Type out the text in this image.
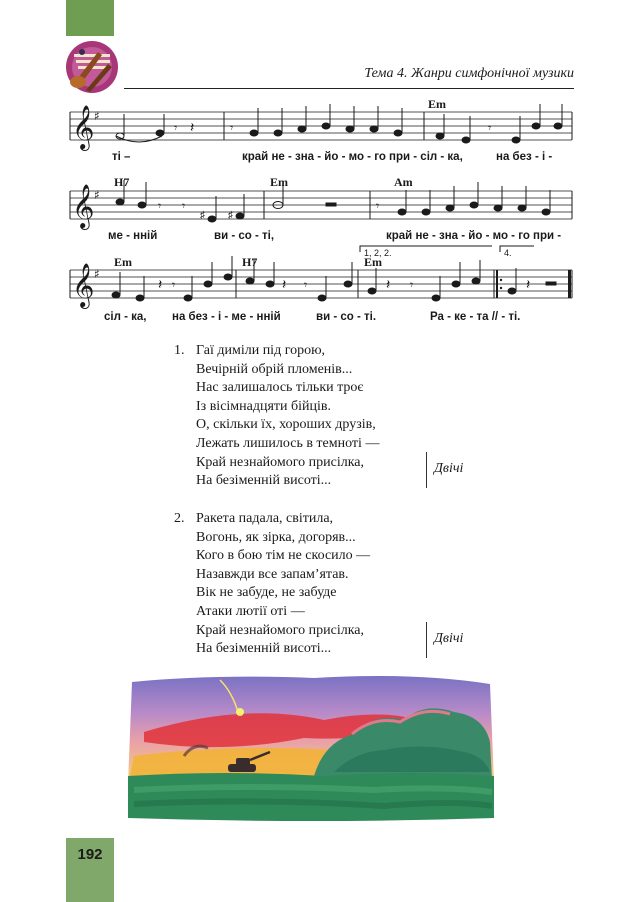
Тема 4. Жанри симфонічної музики
𝄞
𝄞
𝄞
♯
♯
♯
𝄾 𝄽	𝄾	𝄾
𝄾 𝄾
♯ ♯
𝄾
𝄽 𝄾	𝄽 𝄾	𝄽 𝄾	𝄽
Em
H7	Em	Am
Em	H7	Em
1, 2, 2.	4.
ті –	край не - зна - йо - мо - го при - сіл - ка,	на без - і -
ме - нній	ви - со - ті,	край не - зна - йо - мо - го при -
сіл - ка, на без - і - ме - нній	ви - со - ті.	Ра - ке - та // - ті.
1. Гаї диміли під горою,
Вечірній обрій пломенів...
Нас залишалось тільки троє
Із вісімнадцяти бійців.
О, скільки їх, хороших друзів,
Лежать лишилось в темноті —
Край незнайомого присілка,
На безіменній висоті...
Двічі
2. Ракета падала, світила,
Вогонь, як зірка, догоряв...
Кого в бою тім не скосило —
Назавжди все запам’ятав.
Вік не забуде, не забуде
Атаки лютії оті —
Край незнайомого присілка,
На безіменній висоті...
Двічі
192
